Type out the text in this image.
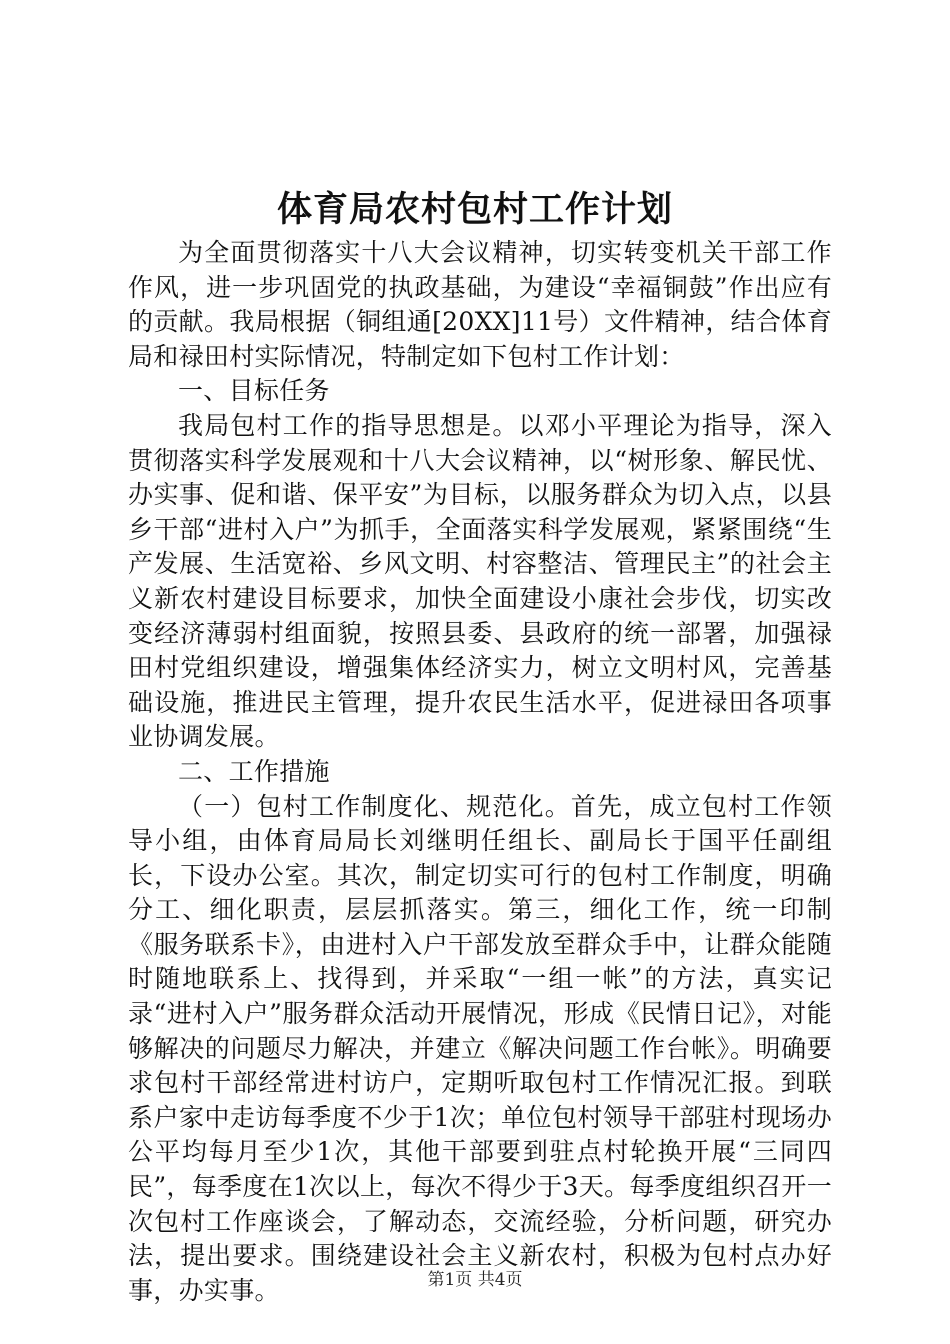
体育局农村包村工作计划

为全面贯彻落实十八大会议精神，切实转变机关干部工作作风，进一步巩固党的执政基础，为建设“幸福铜鼓”作出应有的贡献。我局根据（铜组通[20XX]11号）文件精神，结合体育局和禄田村实际情况，特制定如下包村工作计划：

一、目标任务

我局包村工作的指导思想是。以邓小平理论为指导，深入贯彻落实科学发展观和十八大会议精神，以“树形象、解民忧、办实事、促和谐、保平安”为目标，以服务群众为切入点，以县乡干部“进村入户”为抓手，全面落实科学发展观，紧紧围绕“生产发展、生活宽裕、乡风文明、村容整洁、管理民主”的社会主义新农村建设目标要求，加快全面建设小康社会步伐，切实改变经济薄弱村组面貌，按照县委、县政府的统一部署，加强禄田村党组织建设，增强集体经济实力，树立文明村风，完善基础设施，推进民主管理，提升农民生活水平，促进禄田各项事业协调发展。

二、工作措施

（一）包村工作制度化、规范化。首先，成立包村工作领导小组，由体育局局长刘继明任组长、副局长于国平任副组长，下设办公室。其次，制定切实可行的包村工作制度，明确分工、细化职责，层层抓落实。第三，细化工作，统一印制《服务联系卡》，由进村入户干部发放至群众手中，让群众能随时随地联系上、找得到，并采取“一组一帐”的方法，真实记录“进村入户”服务群众活动开展情况，形成《民情日记》，对能够解决的问题尽力解决，并建立《解决问题工作台帐》。明确要求包村干部经常进村访户，定期听取包村工作情况汇报。到联系户家中走访每季度不少于1次；单位包村领导干部驻村现场办公平均每月至少1次，其他干部要到驻点村轮换开展“三同四民”，每季度在1次以上，每次不得少于3天。每季度组织召开一次包村工作座谈会，了解动态，交流经验，分析问题，研究办法，提出要求。围绕建设社会主义新农村，积极为包村点办好事，办实事。	第1页 共4页
